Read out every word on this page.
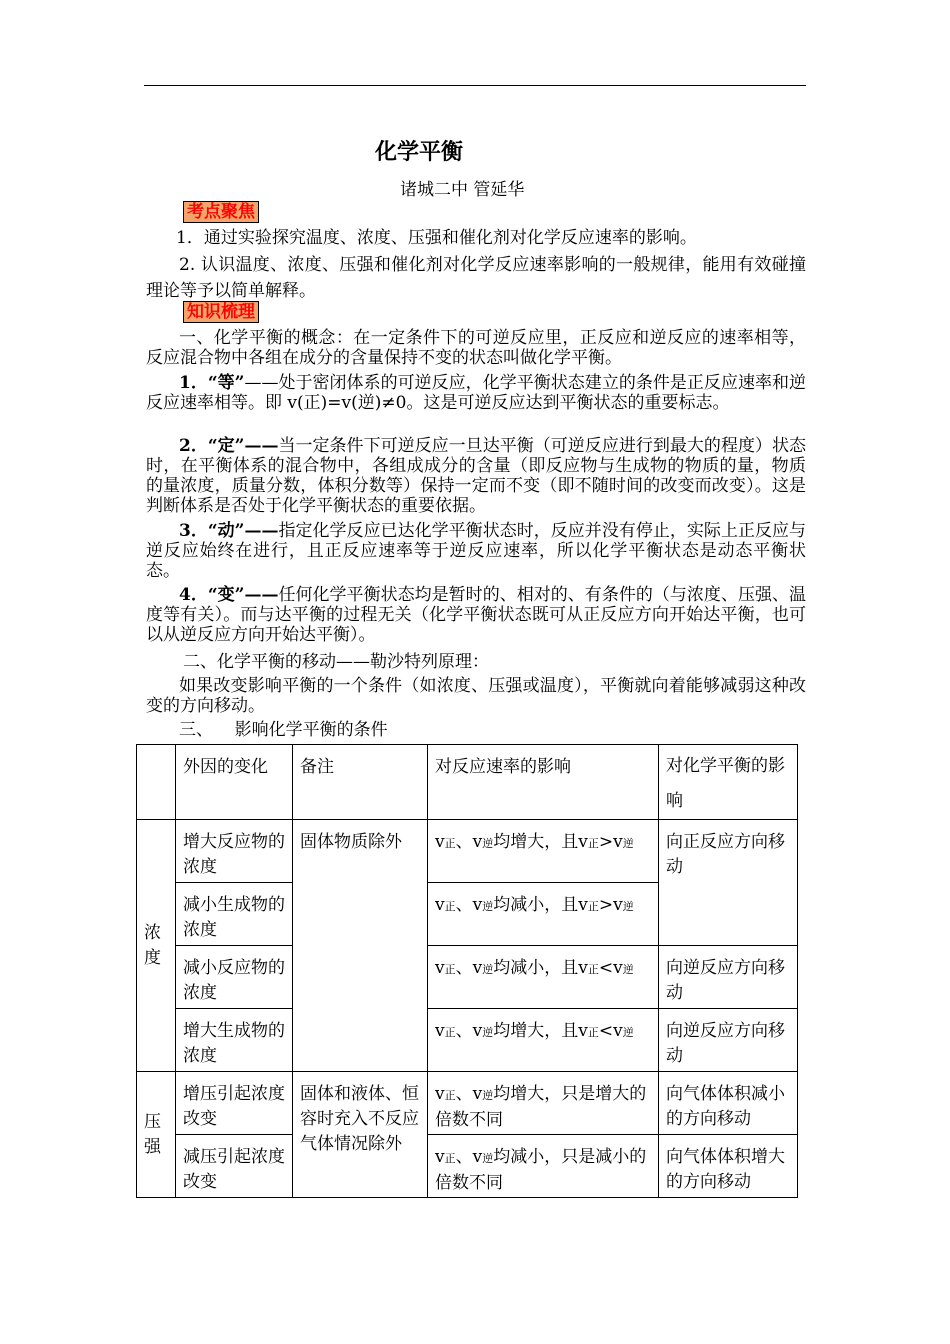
化学平衡
诸城二中 管延华
考点聚焦
1．通过实验探究温度、浓度、压强和催化剂对化学反应速率的影响。
2. 认识温度、浓度、压强和催化剂对化学反应速率影响的一般规律，能用有效碰撞理论等予以简单解释。
知识梳理
一、化学平衡的概念：在一定条件下的可逆反应里，正反应和逆反应的速率相等，反应混合物中各组在成分的含量保持不变的状态叫做化学平衡。
1．“等”——处于密闭体系的可逆反应，化学平衡状态建立的条件是正反应速率和逆反应速率相等。即 v(正)=v(逆)≠0。这是可逆反应达到平衡状态的重要标志。
2．“定”——当一定条件下可逆反应一旦达平衡（可逆反应进行到最大的程度）状态时，在平衡体系的混合物中，各组成成分的含量（即反应物与生成物的物质的量，物质的量浓度，质量分数，体积分数等）保持一定而不变（即不随时间的改变而改变）。这是判断体系是否处于化学平衡状态的重要依据。
3．“动”——指定化学反应已达化学平衡状态时，反应并没有停止，实际上正反应与逆反应始终在进行，且正反应速率等于逆反应速率，所以化学平衡状态是动态平衡状态。
4．“变”——任何化学平衡状态均是暂时的、相对的、有条件的（与浓度、压强、温度等有关）。而与达平衡的过程无关（化学平衡状态既可从正反应方向开始达平衡，也可以从逆反应方向开始达平衡）。
二、化学平衡的移动——勒沙特列原理：
如果改变影响平衡的一个条件（如浓度、压强或温度），平衡就向着能够减弱这种改变的方向移动。
三、    影响化学平衡的条件
	外因的变化	备注	对反应速率的影响	对化学平衡的影响
浓度	增大反应物的浓度	固体物质除外	v正、v逆均增大，且v正>v逆	向正反应方向移动
	减小生成物的浓度		v正、v逆均减小，且v正>v逆	
	减小反应物的浓度		v正、v逆均减小，且v正<v逆	向逆反应方向移动
	增大生成物的浓度		v正、v逆均增大，且v正<v逆	向逆反应方向移动
压强	增压引起浓度改变	固体和液体、恒容时充入不反应气体情况除外	v正、v逆均增大，只是增大的倍数不同	向气体体积减小的方向移动
	减压引起浓度改变		v正、v逆均减小，只是减小的倍数不同	向气体体积增大的方向移动
